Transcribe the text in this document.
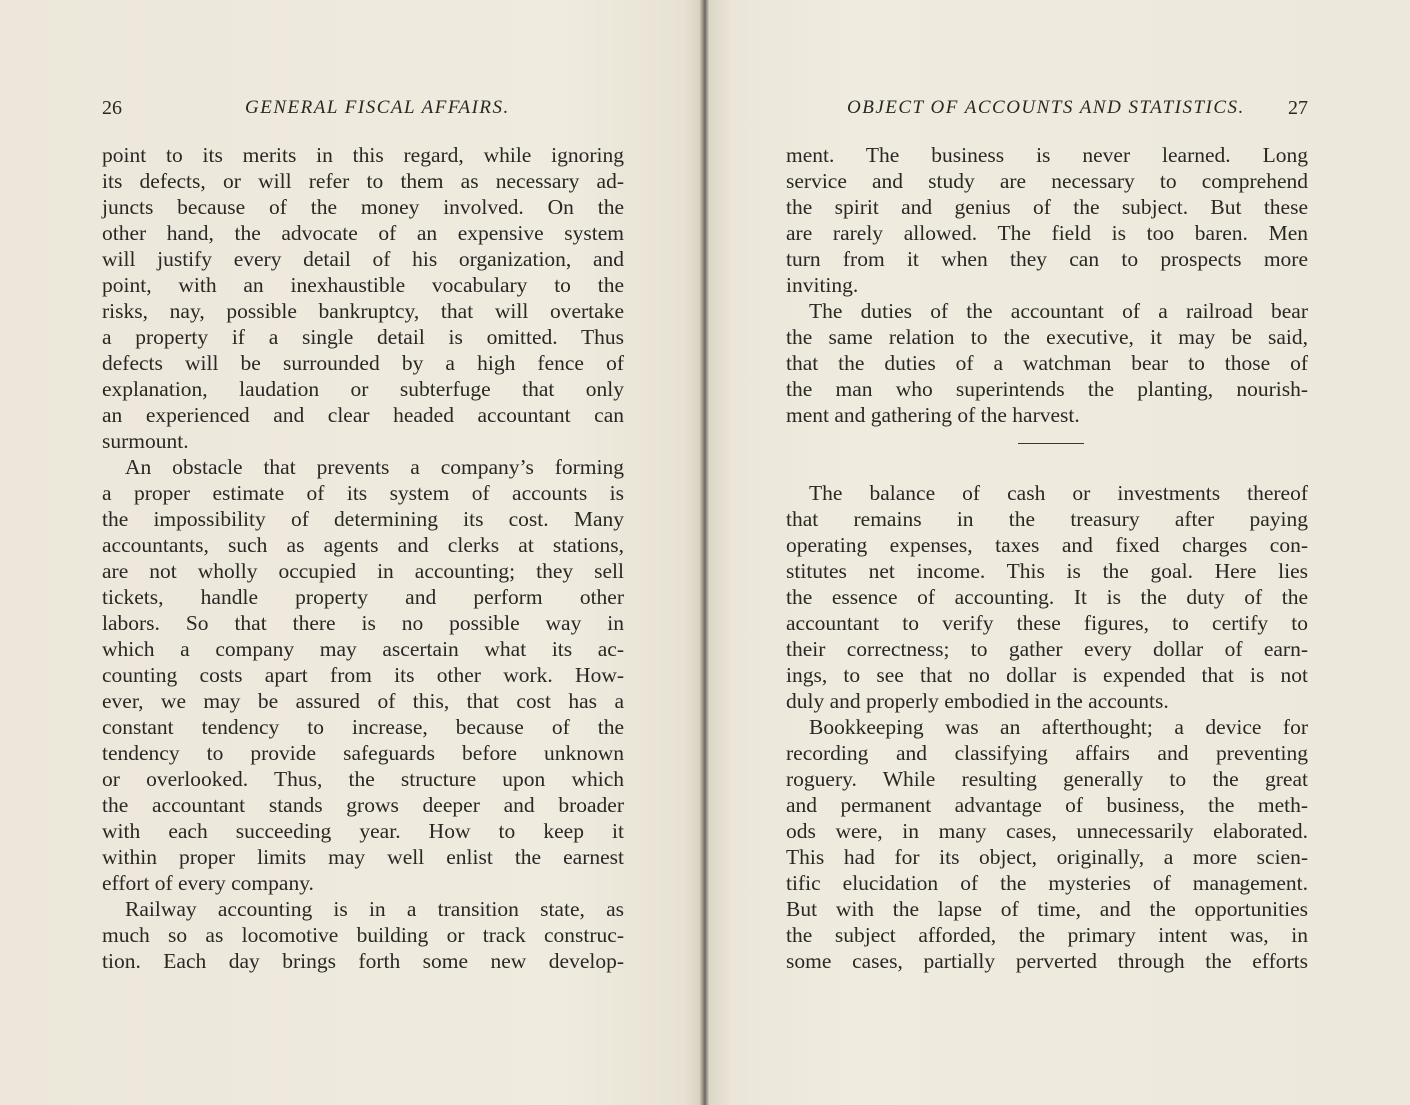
26	GENERAL FISCAL AFFAIRS.
point to its merits in this regard, while ignoring
its defects, or will refer to them as necessary ad-
juncts because of the money involved. On the
other hand, the advocate of an expensive system
will justify every detail of his organization, and
point, with an inexhaustible vocabulary to the
risks, nay, possible bankruptcy, that will overtake
a property if a single detail is omitted. Thus
defects will be surrounded by a high fence of
explanation, laudation or subterfuge that only
an experienced and clear headed accountant can
surmount.
An obstacle that prevents a company’s forming
a proper estimate of its system of accounts is
the impossibility of determining its cost. Many
accountants, such as agents and clerks at stations,
are not wholly occupied in accounting; they sell
tickets, handle property and perform other
labors. So that there is no possible way in
which a company may ascertain what its ac-
counting costs apart from its other work. How-
ever, we may be assured of this, that cost has a
constant tendency to increase, because of the
tendency to provide safeguards before unknown
or overlooked. Thus, the structure upon which
the accountant stands grows deeper and broader
with each succeeding year. How to keep it
within proper limits may well enlist the earnest
effort of every company.
Railway accounting is in a transition state, as
much so as locomotive building or track construc-
tion. Each day brings forth some new develop-
OBJECT OF ACCOUNTS AND STATISTICS. 27
ment. The business is never learned. Long
service and study are necessary to comprehend
the spirit and genius of the subject. But these
are rarely allowed. The field is too baren. Men
turn from it when they can to prospects more
inviting.
The duties of the accountant of a railroad bear
the same relation to the executive, it may be said,
that the duties of a watchman bear to those of
the man who superintends the planting, nourish-
ment and gathering of the harvest.
The balance of cash or investments thereof
that remains in the treasury after paying
operating expenses, taxes and fixed charges con-
stitutes net income. This is the goal. Here lies
the essence of accounting. It is the duty of the
accountant to verify these figures, to certify to
their correctness; to gather every dollar of earn-
ings, to see that no dollar is expended that is not
duly and properly embodied in the accounts.
Bookkeeping was an afterthought; a device for
recording and classifying affairs and preventing
roguery. While resulting generally to the great
and permanent advantage of business, the meth-
ods were, in many cases, unnecessarily elaborated.
This had for its object, originally, a more scien-
tific elucidation of the mysteries of management.
But with the lapse of time, and the opportunities
the subject afforded, the primary intent was, in
some cases, partially perverted through the efforts
